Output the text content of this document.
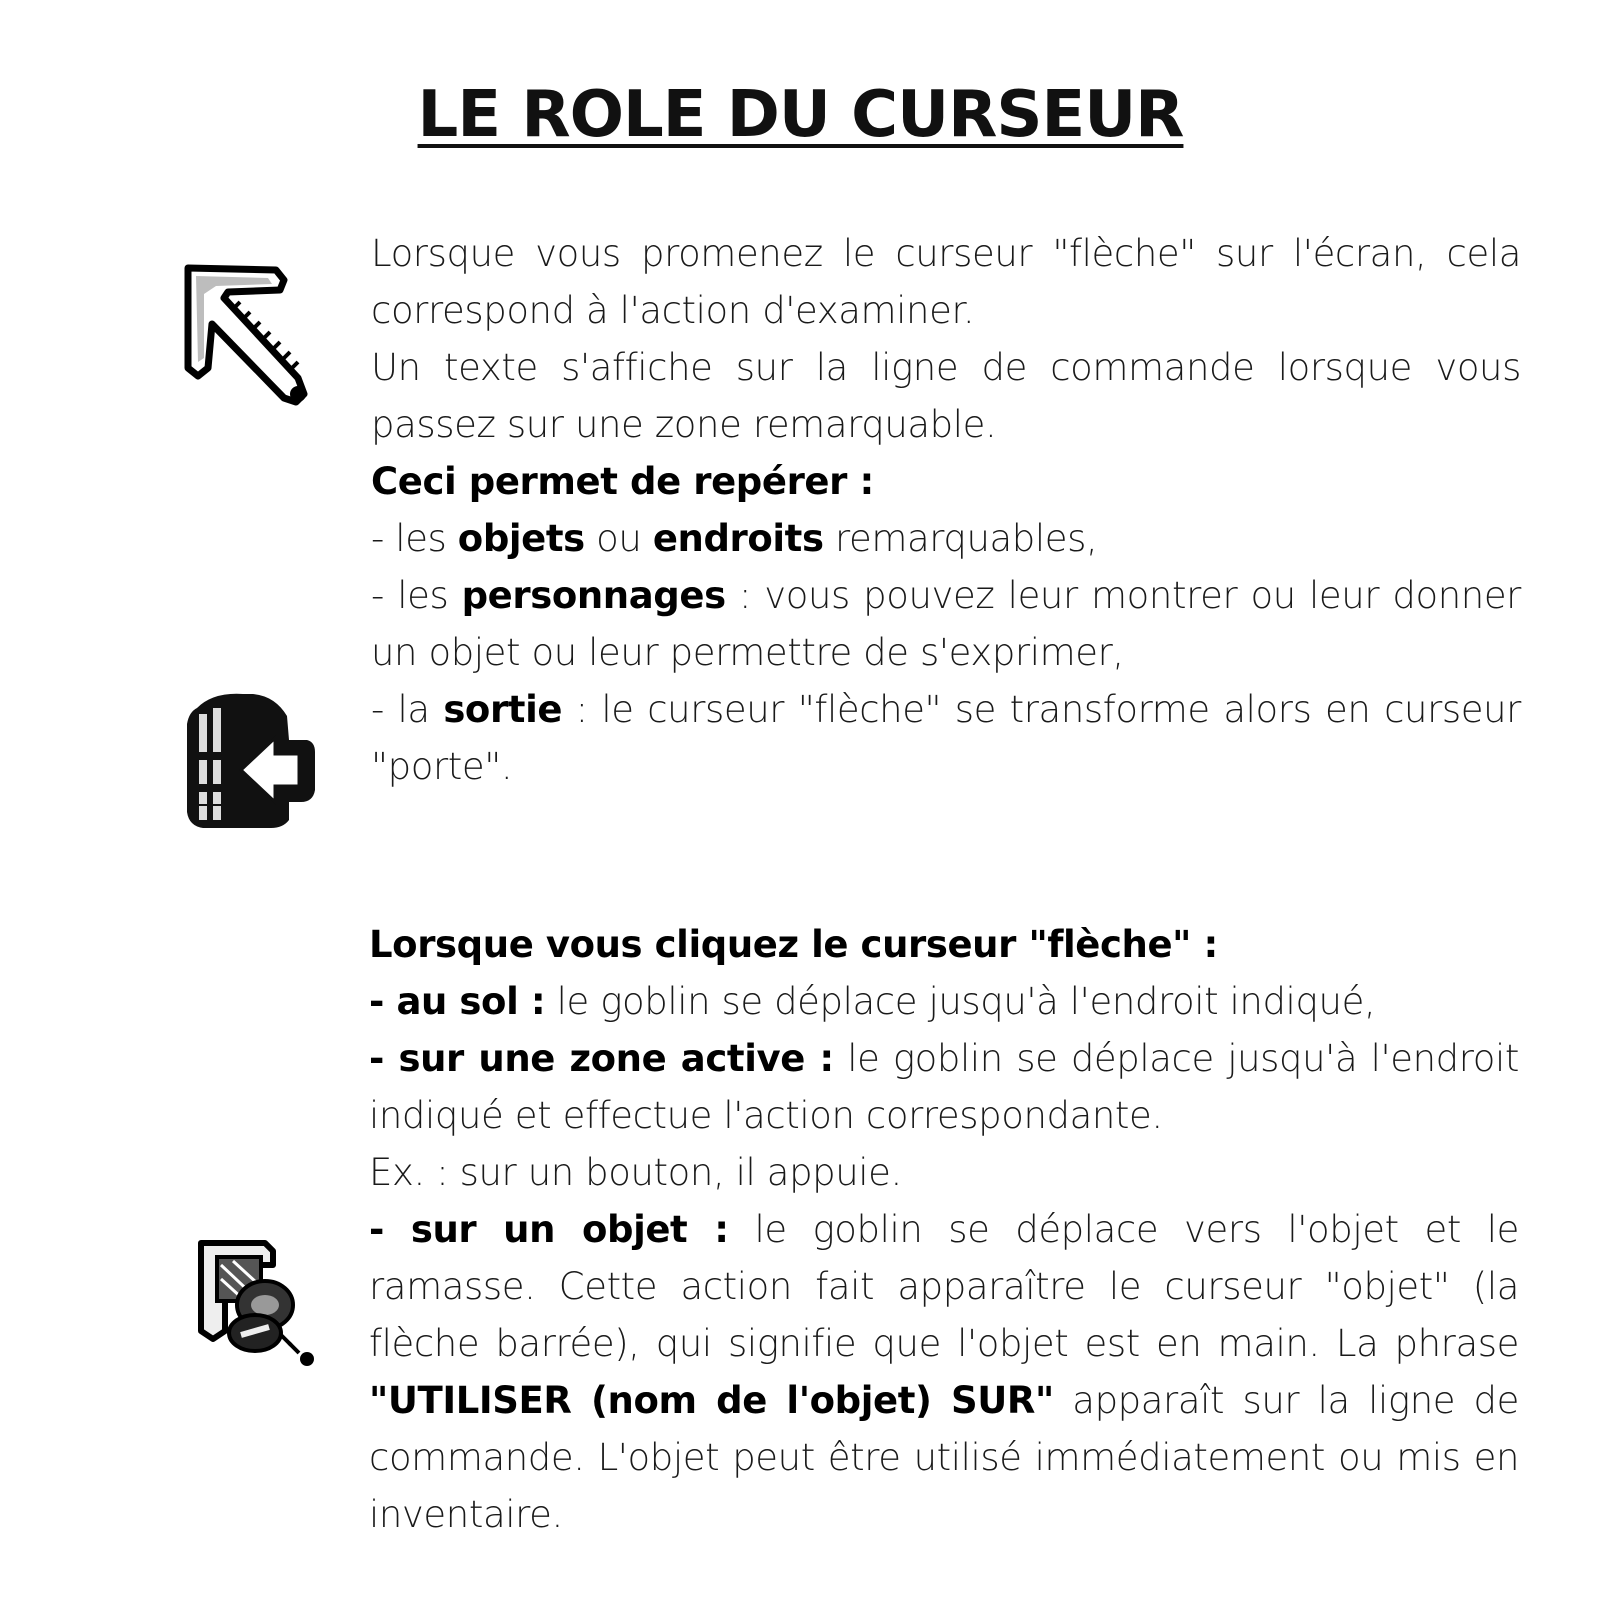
LE ROLE DU CURSEUR

Lorsque vous promenez le curseur "flèche" sur l'écran, cela correspond à l'action d'examiner.

Un texte s'affiche sur la ligne de commande lorsque vous passez sur une zone remarquable.

Ceci permet de repérer :

- les objets ou endroits remarquables,

- les personnages : vous pouvez leur montrer ou leur donner un objet ou leur permettre de s'exprimer,

- la sortie : le curseur "flèche" se transforme alors en curseur "porte".

Lorsque vous cliquez le curseur "flèche" :

- au sol : le goblin se déplace jusqu'à l'endroit indiqué,

- sur une zone active : le goblin se déplace jusqu'à l'endroit indiqué et effectue l'action correspondante.

Ex. : sur un bouton, il appuie.

- sur un objet : le goblin se déplace vers l'objet et le ramasse. Cette action fait apparaître le curseur "objet" (la flèche barrée), qui signifie que l'objet est en main. La phrase "UTILISER (nom de l'objet) SUR" apparaît sur la ligne de commande. L'objet peut être utilisé immédiatement ou mis en inventaire.
